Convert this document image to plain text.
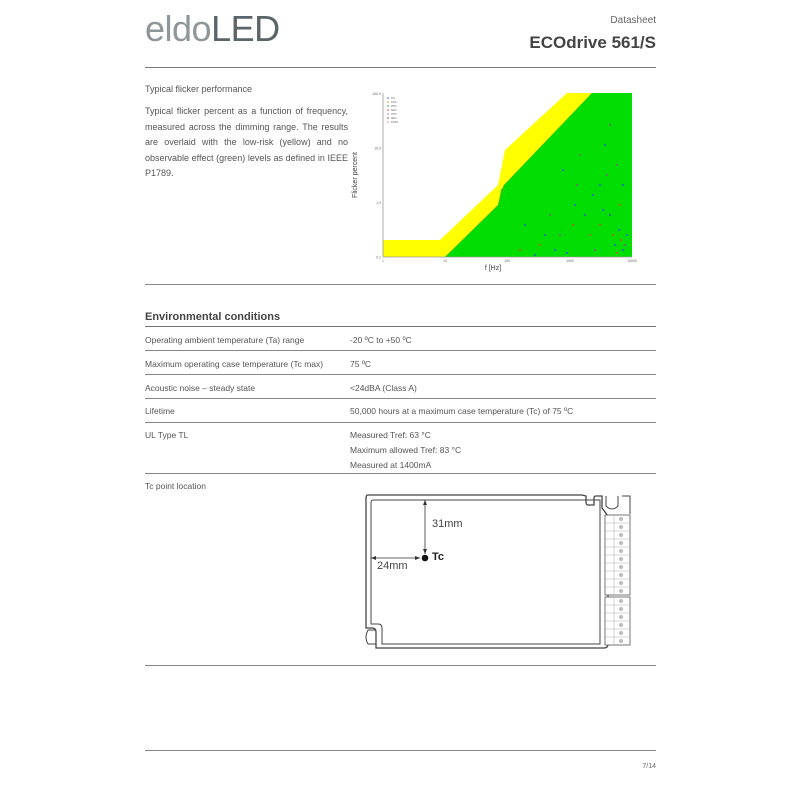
eldoLED	Datasheet
ECOdrive 561/S
Typical flicker performance
Typical flicker percent as a function of frequency, measured across the dimming range. The results are overlaid with the low-risk (yellow) and no observable effect (green) levels as defined in IEEE P1789.
100.0
10.0
1.0
0.1
1	10	100	1000	10000
5%
10%
25%
50%
75%
90%
100%
f [Hz]
Flicker percent
Environmental conditions
Operating ambient temperature (Ta) range	-20 ºC to +50 ºC
Maximum operating case temperature (Tc max)	75 ºC
Acoustic noise – steady state	<24dBA (Class A)
Lifetime	50,000 hours at a maximum case temperature (Tc) of 75 ºC
UL Type TL	Measured Tref: 63 °C
Maximum allowed Tref: 83 °C
Measured at 1400mA
Tc point location
31mm
24mm
Tc
7/14
